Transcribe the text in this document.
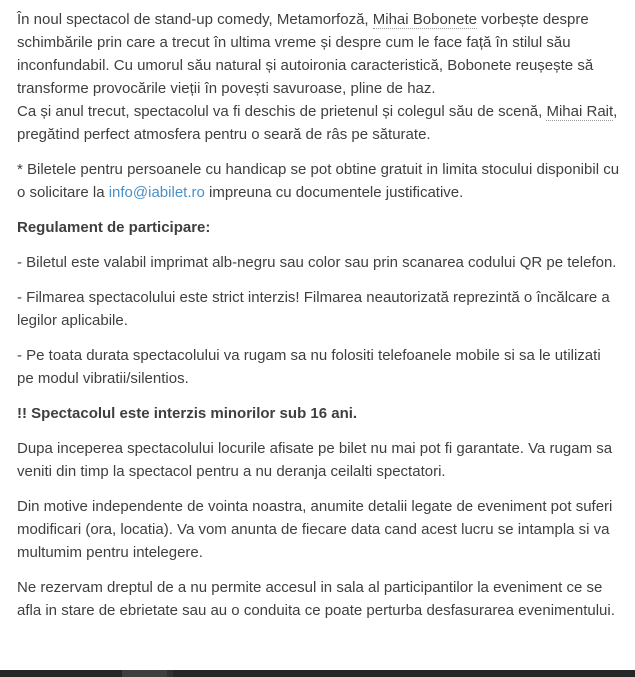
În noul spectacol de stand-up comedy, Metamorfoză, Mihai Bobonete vorbește despre schimbările prin care a trecut în ultima vreme și despre cum le face față în stilul său inconfundabil. Cu umorul său natural și autoironia caracteristică, Bobonete reușește să transforme provocările vieții în povești savuroase, pline de haz.
Ca și anul trecut, spectacolul va fi deschis de prietenul și colegul său de scenă, Mihai Rait, pregătind perfect atmosfera pentru o seară de râs pe săturate.

* Biletele pentru persoanele cu handicap se pot obtine gratuit in limita stocului disponibil cu o solicitare la info@iabilet.ro impreuna cu documentele justificative.

Regulament de participare:

- Biletul este valabil imprimat alb-negru sau color sau prin scanarea codului QR pe telefon.

- Filmarea spectacolului este strict interzis! Filmarea neautorizată reprezintă o încălcare a legilor aplicabile.

- Pe toata durata spectacolului va rugam sa nu folositi telefoanele mobile si sa le utilizati pe modul vibratii/silentios.

!! Spectacolul este interzis minorilor sub 16 ani.

Dupa inceperea spectacolului locurile afisate pe bilet nu mai pot fi garantate. Va rugam sa veniti din timp la spectacol pentru a nu deranja ceilalti spectatori.

Din motive independente de vointa noastra, anumite detalii legate de eveniment pot suferi modificari (ora, locatia). Va vom anunta de fiecare data cand acest lucru se intampla si va multumim pentru intelegere.

Ne rezervam dreptul de a nu permite accesul in sala al participantilor la eveniment ce se afla in stare de ebrietate sau au o conduita ce poate perturba desfasurarea evenimentului.
